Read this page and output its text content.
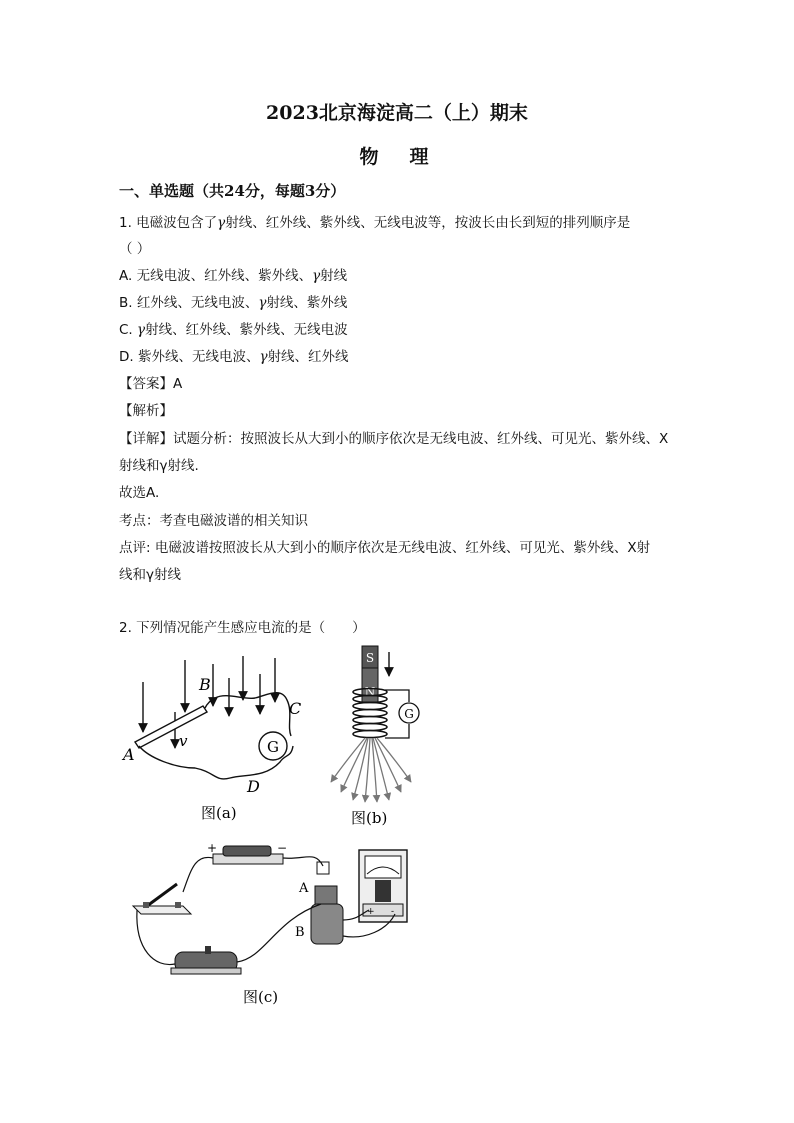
2023北京海淀高二（上）期末
物　理
一、单选题（共24分，每题3分）
1. 电磁波包含了γ射线、红外线、紫外线、无线电波等，按波长由长到短的排列顺序是
（ ）
A. 无线电波、红外线、紫外线、γ射线
B. 红外线、无线电波、γ射线、紫外线
C. γ射线、红外线、紫外线、无线电波
D. 紫外线、无线电波、γ射线、红外线
【答案】A
【解析】
【详解】试题分析：按照波长从大到小的顺序依次是无线电波、红外线、可见光、紫外线、X
射线和γ射线.
故选A.
考点：考查电磁波谱的相关知识
点评: 电磁波谱按照波长从大到小的顺序依次是无线电波、红外线、可见光、紫外线、X射
线和γ射线
2. 下列情况能产生感应电流的是（　　）
G
A
B
C
D
v
图(a)
S
N
G
图(b)
+	−
A
B
+ -
图(c)
